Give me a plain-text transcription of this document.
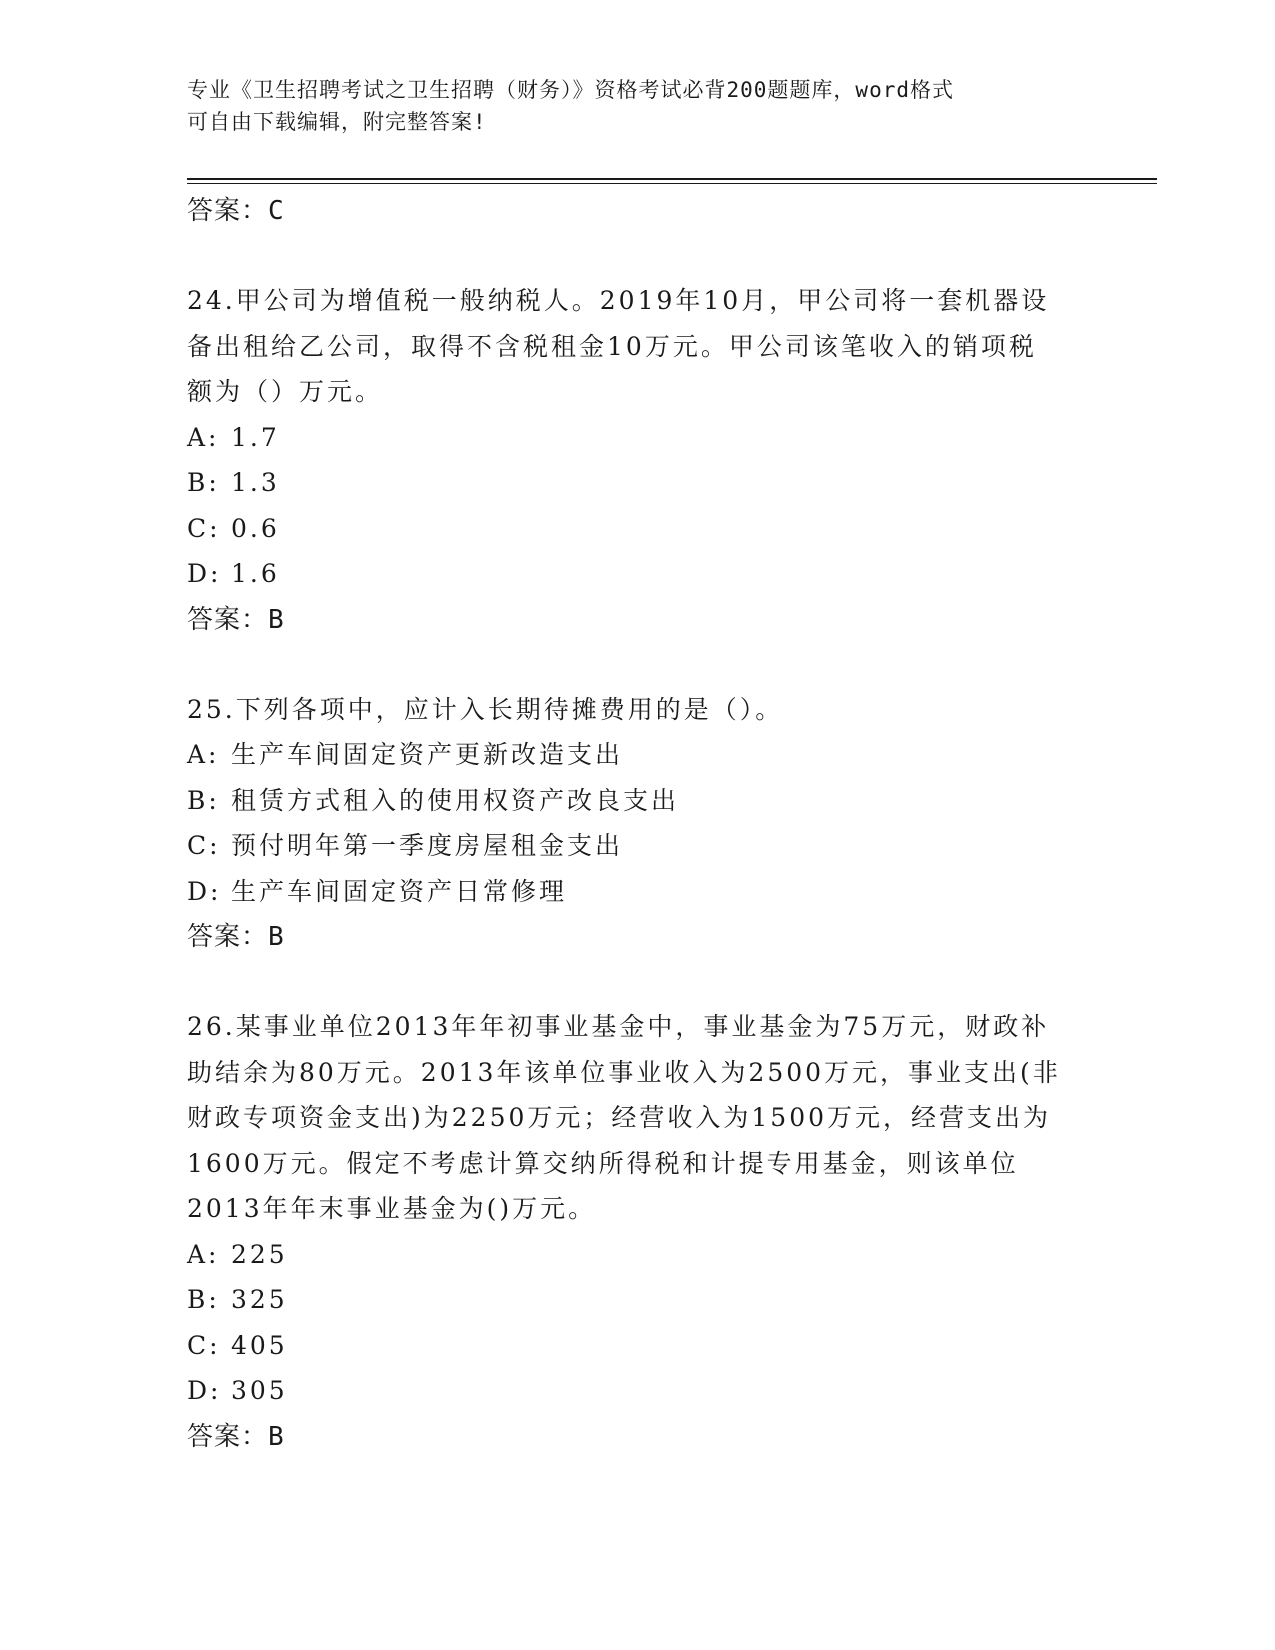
专业《卫生招聘考试之卫生招聘（财务）》资格考试必背200题题库，word格式
可自由下载编辑，附完整答案!
答案：C
24.甲公司为增值税一般纳税人。2019年10月，甲公司将一套机器设
备出租给乙公司，取得不含税租金10万元。甲公司该笔收入的销项税
额为（）万元。
A: 1.7
B: 1.3
C: 0.6
D: 1.6
答案：B
25.下列各项中，应计入长期待摊费用的是（）。
A: 生产车间固定资产更新改造支出
B: 租赁方式租入的使用权资产改良支出
C: 预付明年第一季度房屋租金支出
D: 生产车间固定资产日常修理
答案：B
26.某事业单位2013年年初事业基金中，事业基金为75万元，财政补
助结余为80万元。2013年该单位事业收入为2500万元，事业支出(非
财政专项资金支出)为2250万元；经营收入为1500万元，经营支出为
1600万元。假定不考虑计算交纳所得税和计提专用基金，则该单位
2013年年末事业基金为()万元。
A: 225
B: 325
C: 405
D: 305
答案：B
